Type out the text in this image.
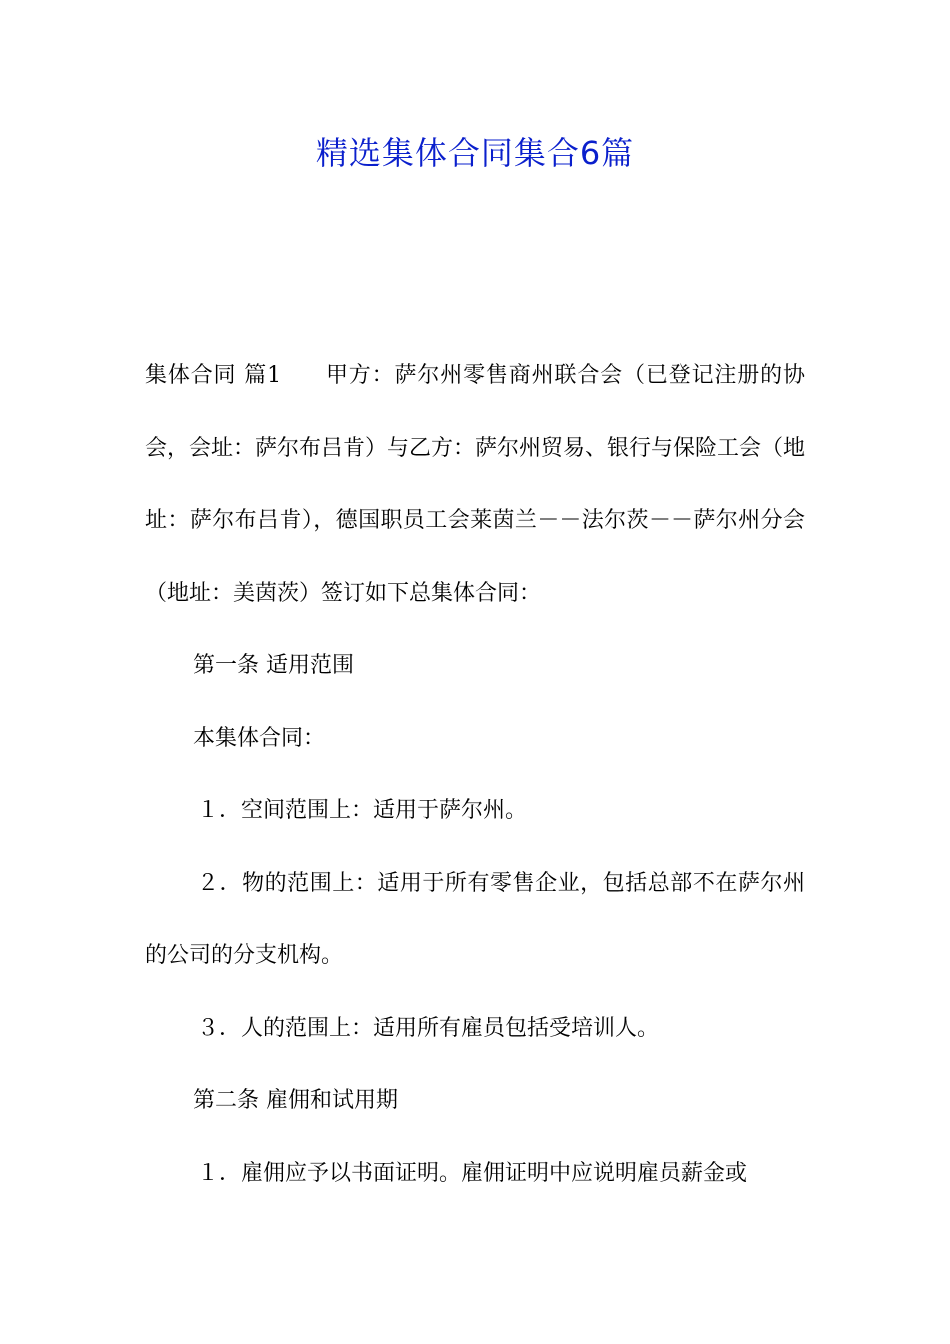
精选集体合同集合6篇

集体合同 篇1 甲方：萨尔州零售商州联合会（已登记注册的协会，会址：萨尔布吕肯）与乙方：萨尔州贸易、银行与保险工会（地址：萨尔布吕肯），德国职员工会莱茵兰－－法尔茨－－萨尔州分会（地址：美茵茨）签订如下总集体合同：

第一条 适用范围

本集体合同：

１．空间范围上：适用于萨尔州。

２．物的范围上：适用于所有零售企业，包括总部不在萨尔州的公司的分支机构。

３．人的范围上：适用所有雇员包括受培训人。

第二条 雇佣和试用期

１．雇佣应予以书面证明。雇佣证明中应说明雇员薪金或
